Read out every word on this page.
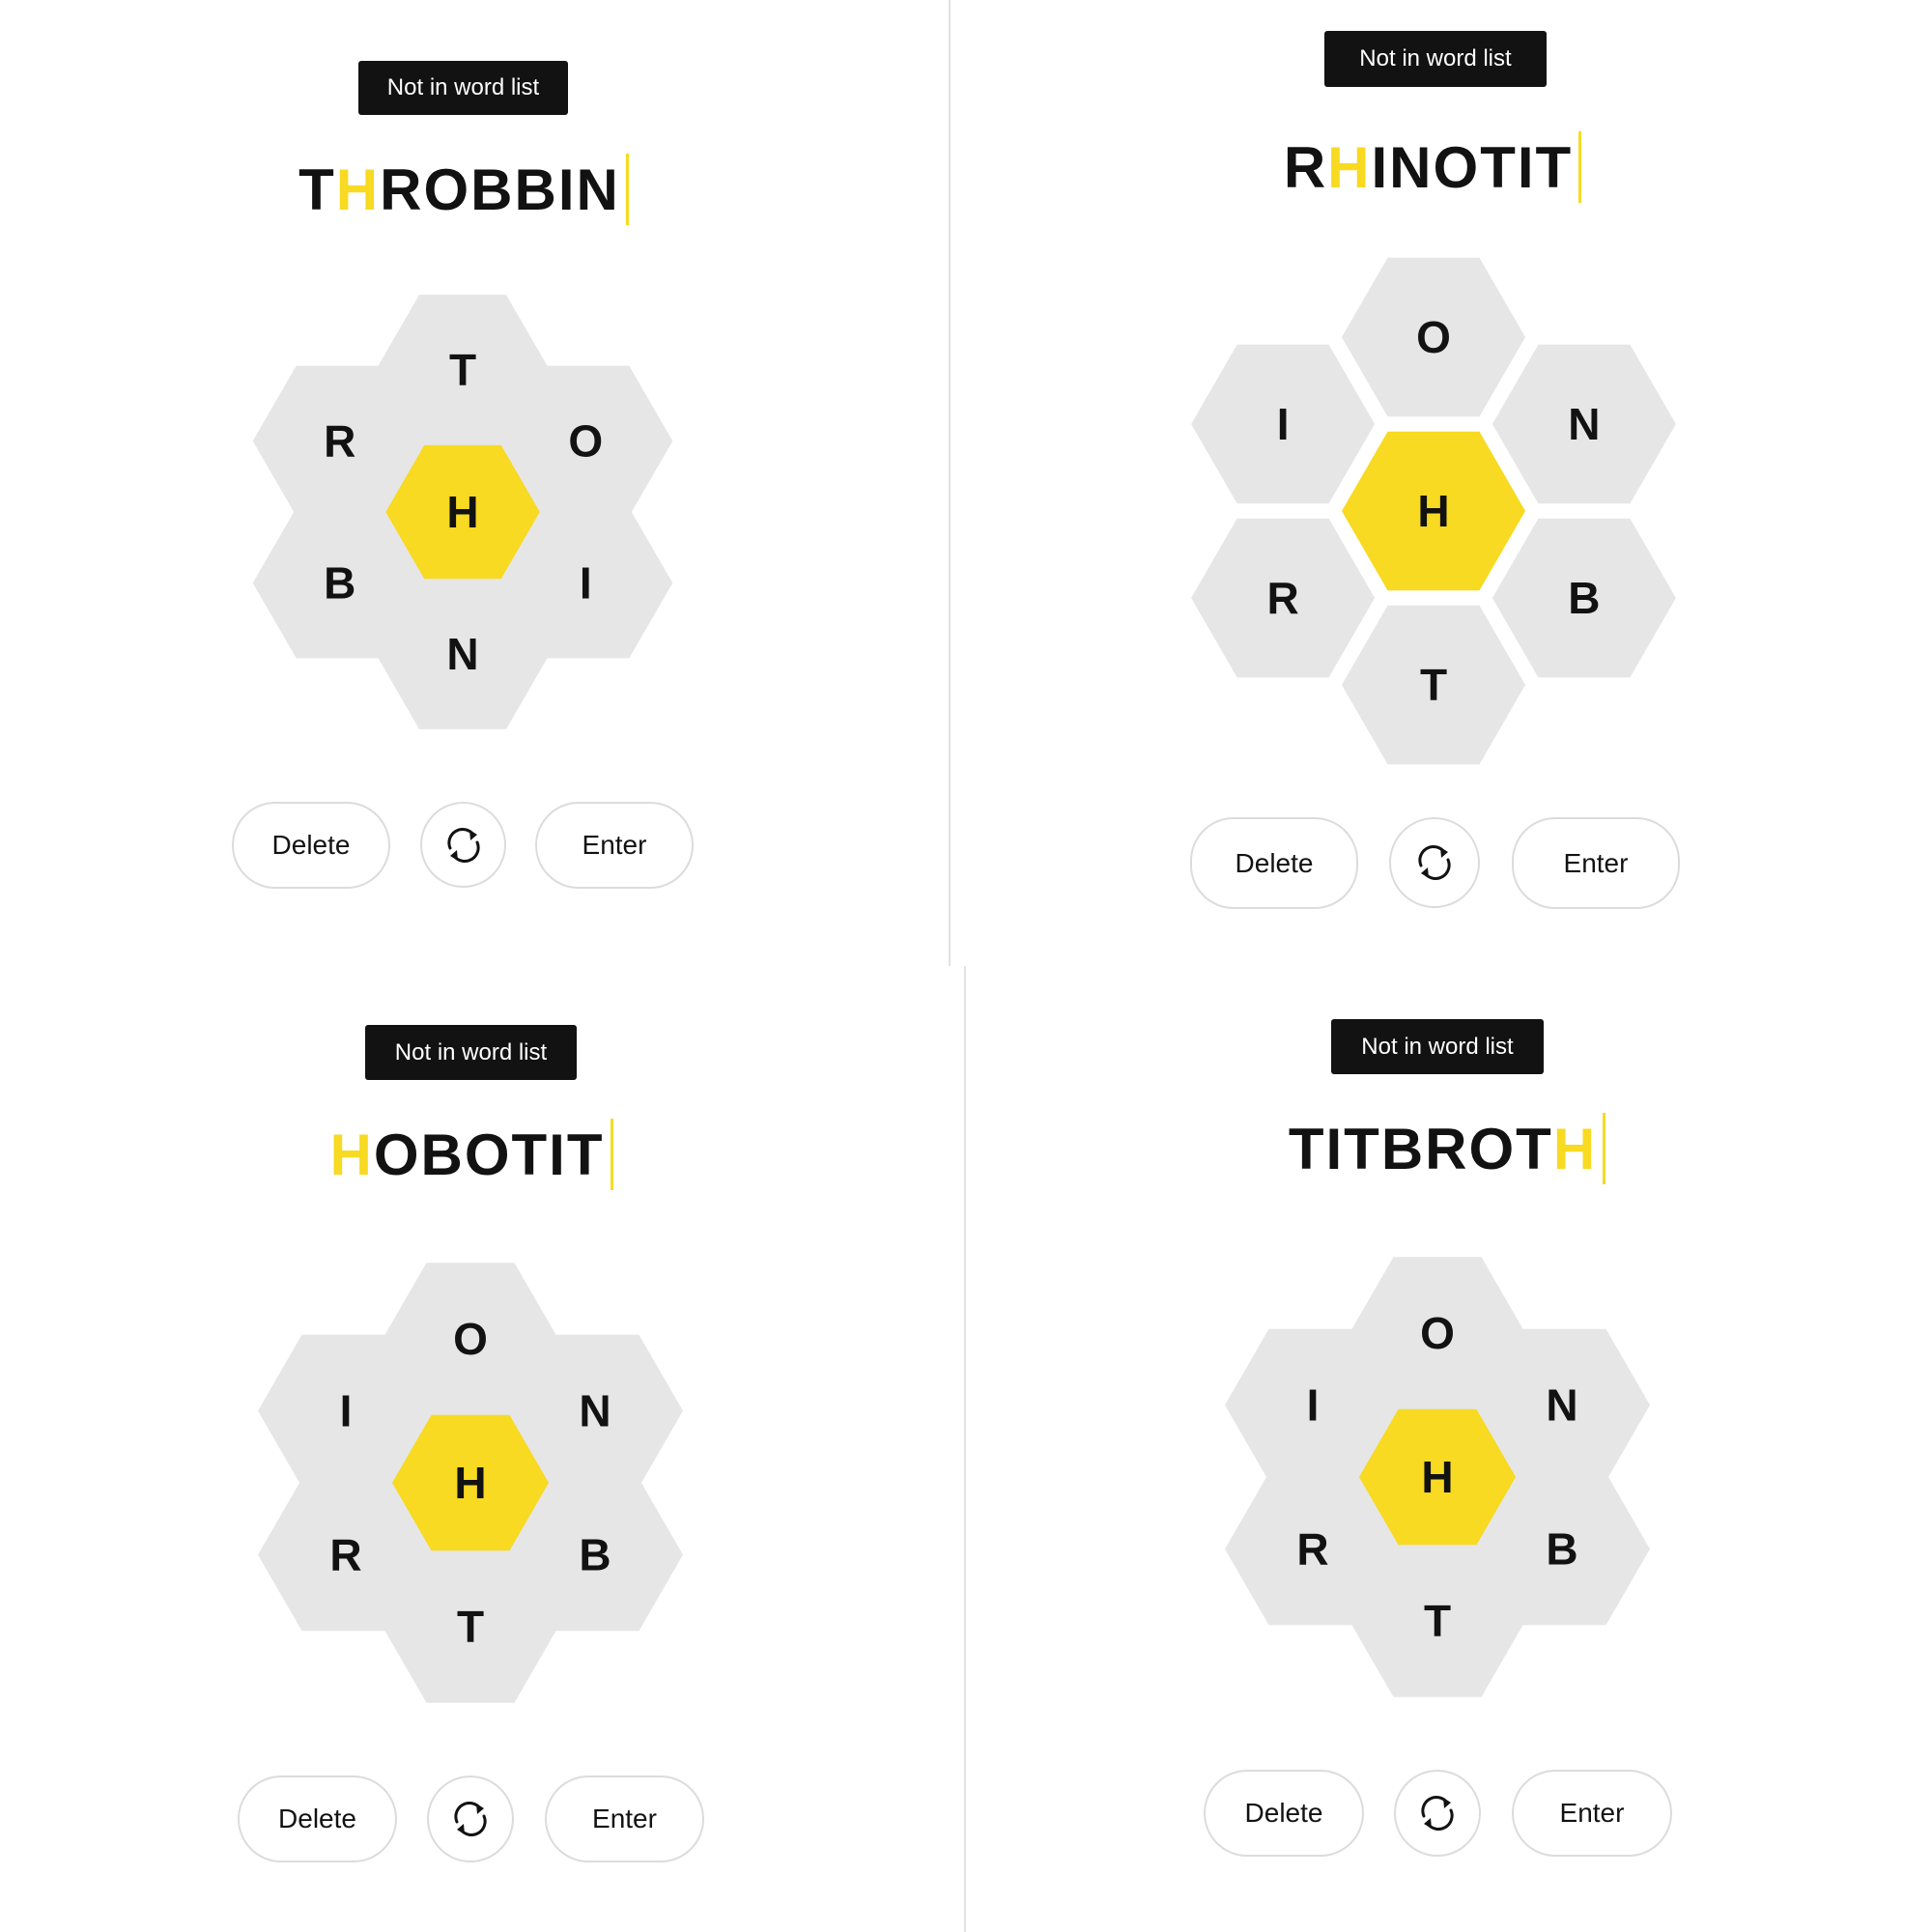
Not in word list
T H R O B B I N
H
T
O
I
N
B
R
Delete	Enter
Not in word list
R H I N O T I T
H
O
N
B
T
R
I
Delete	Enter
Not in word list
H O B O T I T
H
O
N
B
T
R
I
Delete	Enter
Not in word list
T I T B R O T H
H
O
N
B
T
R
I
Delete	Enter
